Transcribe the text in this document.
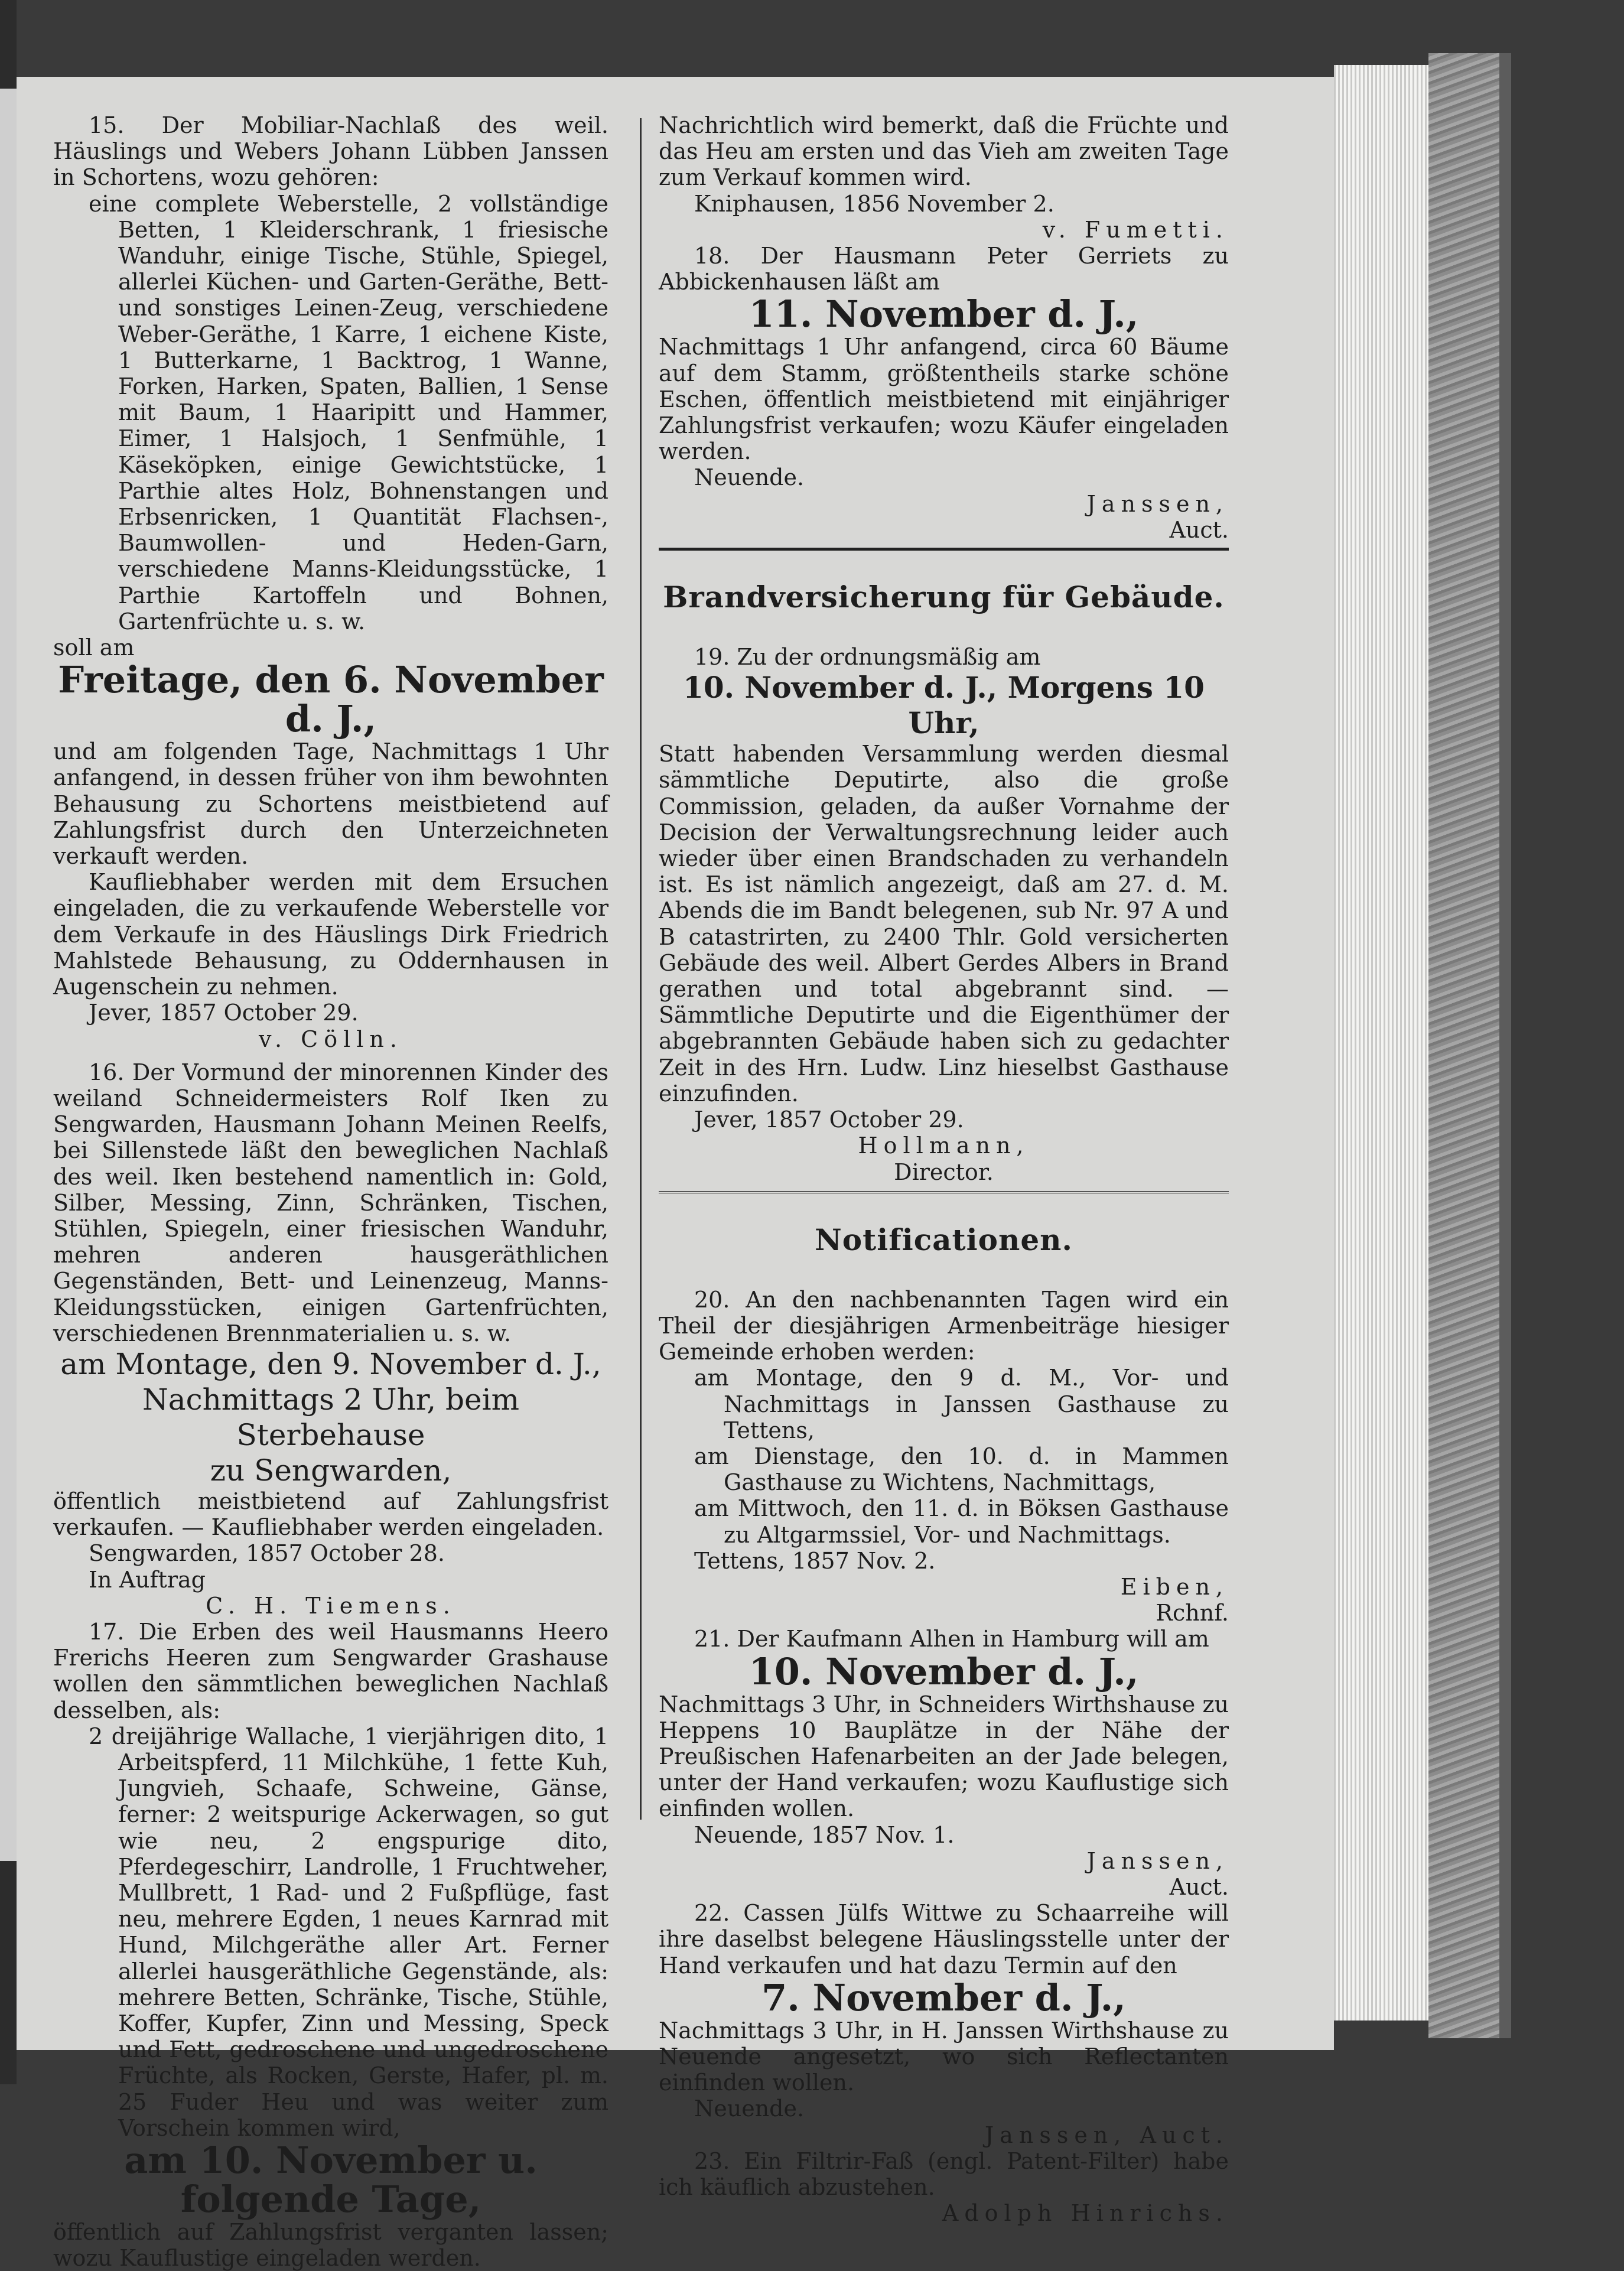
15. Der Mobiliar-Nachlaß des weil. Häuslings und Webers Johann Lübben Janssen in Schortens, wozu gehören:

eine complete Weberstelle, 2 vollständige Betten, 1 Kleiderschrank, 1 friesische Wanduhr, einige Tische, Stühle, Spiegel, allerlei Küchen- und Garten-Geräthe, Bett- und sonstiges Leinen-Zeug, verschiedene Weber-Geräthe, 1 Karre, 1 eichene Kiste, 1 Butterkarne, 1 Backtrog, 1 Wanne, Forken, Harken, Spaten, Ballien, 1 Sense mit Baum, 1 Haaripitt und Hammer, Eimer, 1 Halsjoch, 1 Senfmühle, 1 Käseköpken, einige Gewichtstücke, 1 Parthie altes Holz, Bohnenstangen und Erbsenricken, 1 Quantität Flachsen-, Baumwollen- und Heden-Garn, verschiedene Manns-Kleidungsstücke, 1 Parthie Kartoffeln und Bohnen, Gartenfrüchte u. s. w.

soll am

Freitage, den 6. November d. J.,

und am folgenden Tage, Nachmittags 1 Uhr anfangend, in dessen früher von ihm bewohnten Behausung zu Schortens meistbietend auf Zahlungsfrist durch den Unterzeichneten verkauft werden.

Kaufliebhaber werden mit dem Ersuchen eingeladen, die zu verkaufende Weberstelle vor dem Verkaufe in des Häuslings Dirk Friedrich Mahlstede Behausung, zu Oddernhausen in Augenschein zu nehmen.

Jever, 1857 October 29.

v. Cölln.

16. Der Vormund der minorennen Kinder des weiland Schneidermeisters Rolf Iken zu Sengwarden, Hausmann Johann Meinen Reelfs, bei Sillenstede läßt den beweglichen Nachlaß des weil. Iken bestehend namentlich in: Gold, Silber, Messing, Zinn, Schränken, Tischen, Stühlen, Spiegeln, einer friesischen Wanduhr, mehren anderen hausgeräthlichen Gegenständen, Bett- und Leinenzeug, Manns-Kleidungsstücken, einigen Gartenfrüchten, verschiedenen Brennmaterialien u. s. w.

am Montage, den 9. November d. J.,

Nachmittags 2 Uhr, beim Sterbehause

zu Sengwarden,

öffentlich meistbietend auf Zahlungsfrist verkaufen. — Kaufliebhaber werden eingeladen.

Sengwarden, 1857 October 28.

In Auftrag

C. H. Tiemens.

17. Die Erben des weil Hausmanns Heero Frerichs Heeren zum Sengwarder Grashause wollen den sämmtlichen beweglichen Nachlaß desselben, als:

2 dreijährige Wallache, 1 vierjährigen dito, 1 Arbeitspferd, 11 Milchkühe, 1 fette Kuh, Jungvieh, Schaafe, Schweine, Gänse, ferner: 2 weitspurige Ackerwagen, so gut wie neu, 2 engspurige dito, Pferdegeschirr, Landrolle, 1 Fruchtweher, Mullbrett, 1 Rad- und 2 Fußpflüge, fast neu, mehrere Egden, 1 neues Karnrad mit Hund, Milchgeräthe aller Art. Ferner allerlei hausgeräthliche Gegenstände, als: mehrere Betten, Schränke, Tische, Stühle, Koffer, Kupfer, Zinn und Messing, Speck und Fett, gedroschene und ungedroschene Früchte, als Rocken, Gerste, Hafer, pl. m. 25 Fuder Heu und was weiter zum Vorschein kommen wird,

am 10. November u. folgende Tage,

öffentlich auf Zahlungsfrist verganten lassen; wozu Kauflustige eingeladen werden.

Nachrichtlich wird bemerkt, daß die Früchte und das Heu am ersten und das Vieh am zweiten Tage zum Verkauf kommen wird.

Kniphausen, 1856 November 2.

v. Fumetti.

18. Der Hausmann Peter Gerriets zu Abbickenhausen läßt am

11. November d. J.,

Nachmittags 1 Uhr anfangend, circa 60 Bäume auf dem Stamm, größtentheils starke schöne Eschen, öffentlich meistbietend mit einjähriger Zahlungsfrist verkaufen; wozu Käufer eingeladen werden.

Neuende.

Janssen,

Auct.

Brandversicherung für Gebäude.

19. Zu der ordnungsmäßig am

10. November d. J., Morgens 10 Uhr,

Statt habenden Versammlung werden diesmal sämmtliche Deputirte, also die große Commission, geladen, da außer Vornahme der Decision der Verwaltungsrechnung leider auch wieder über einen Brandschaden zu verhandeln ist. Es ist nämlich angezeigt, daß am 27. d. M. Abends die im Bandt belegenen, sub Nr. 97 A und B catastrirten, zu 2400 Thlr. Gold versicherten Gebäude des weil. Albert Gerdes Albers in Brand gerathen und total abgebrannt sind. — Sämmtliche Deputirte und die Eigenthümer der abgebrannten Gebäude haben sich zu gedachter Zeit in des Hrn. Ludw. Linz hieselbst Gasthause einzufinden.

Jever, 1857 October 29.

Hollmann,

Director.

Notificationen.

20. An den nachbenannten Tagen wird ein Theil der diesjährigen Armenbeiträge hiesiger Gemeinde erhoben werden:

am Montage, den 9 d. M., Vor- und Nachmittags in Janssen Gasthause zu Tettens,

am Dienstage, den 10. d. in Mammen Gasthause zu Wichtens, Nachmittags,

am Mittwoch, den 11. d. in Böksen Gasthause zu Altgarmssiel, Vor- und Nachmittags.

Tettens, 1857 Nov. 2.

Eiben,

Rchnf.

21. Der Kaufmann Alhen in Hamburg will am

10. November d. J.,

Nachmittags 3 Uhr, in Schneiders Wirthshause zu Heppens 10 Bauplätze in der Nähe der Preußischen Hafenarbeiten an der Jade belegen, unter der Hand verkaufen; wozu Kauflustige sich einfinden wollen.

Neuende, 1857 Nov. 1.

Janssen,

Auct.

22. Cassen Jülfs Wittwe zu Schaarreihe will ihre daselbst belegene Häuslingsstelle unter der Hand verkaufen und hat dazu Termin auf den

7. November d. J.,

Nachmittags 3 Uhr, in H. Janssen Wirthshause zu Neuende angesetzt, wo sich Reflectanten einfinden wollen.

Neuende.

Janssen, Auct.

23. Ein Filtrir-Faß (engl. Patent-Filter) habe ich käuflich abzustehen.

Adolph Hinrichs.
